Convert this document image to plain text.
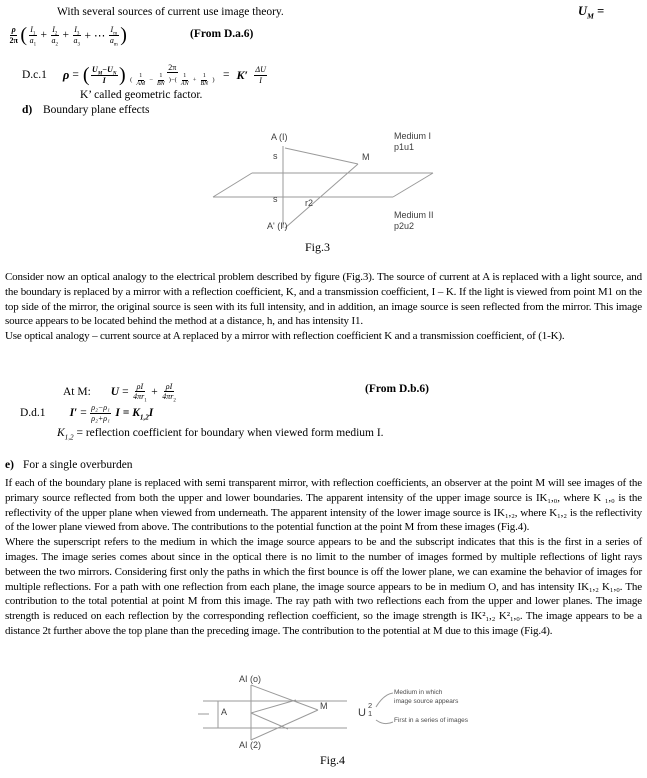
With several sources of current use image theory.	$U_M$ =
$\frac{\rho}{2\pi}$ ( $\frac{I_1}{a_1} + \frac{I_2}{a_2} + \frac{I_3}{a_3}$ + ⋯ $\frac{I_m}{a_m}$ )	(From D.a.6)
D.c.1 ρ = ( $\frac{U_M-U_N}{I}$ )	2π
( $\frac{1}{AM} - \frac{1}{BN}$ )−( $\frac{1}{AN} + \frac{1}{BN}$ ) = $K' \frac{\Delta U}{I}$
K’ called geometric factor.
d) Boundary plane effects
A (I)
s	M
s	r2
A' (I')
Medium I
p1u1
Medium II
p2u2
Fig.3

Consider now an optical analogy to the electrical problem described by figure (Fig.3). The source of current at A is replaced with a light source, and the boundary is replaced by a mirror with a reflection coefficient, K, and a transmission coefficient, I – K. If the light is viewed from point M1 on the top side of the mirror, the original source is seen with its full intensity, and in addition, an image source is seen reflected from the mirror. This image source appears to be located behind the method at a distance, h, and has intensity I1.

Use optical analogy – current source at A replaced by a mirror with reflection coefficient K and a transmission coefficient, of (1-K).

At M: $U = \frac{\rho I}{4\pi r_1} + \frac{\rho I}{4\pi r_2}$	(From D.b.6)
D.d.1 $I' = \frac{\text{ρ₂−ρ₁}}{\text{ρ₂+ρ₁}}$ $I = K_{1,2}I$
$K_{1,2}$ = reflection coefficient for boundary when viewed form medium I.
e) For a single overburden

If each of the boundary plane is replaced with semi transparent mirror, with reflection coefficients, an observer at the point M will see images of the primary source reflected from both the upper and lower boundaries. The apparent intensity of the upper image source is IK₁,₀, where K ₁,₀ is the reflectivity of the upper plane when viewed from underneath. The apparent intensity of the lower image source is IK₁,₂, where K₁,₂ is the reflectivity of the lower plane viewed from above. The contributions to the potential function at the point M from these images (Fig.4).

Where the superscript refers to the medium in which the image source appears to be and the subscript indicates that this is the first in a series of images. The image series comes about since in the optical there is no limit to the number of images formed by multiple reflections of light rays between the two mirrors. Considering first only the paths in which the first bounce is off the lower plane, we can examine the behavior of images for multiple reflections. For a path with one reflection from each plane, the image source appears to be in medium O, and has intensity IK₁,₂ K₁,₀. The contribution to the total potential at point M from this image. The ray path with two reflections each from the upper and lower planes. The image strength is reduced on each reflection by the corresponding reflection coefficient, so the image strength is IK²₁,₂ K²₁,₀. The image appears to be a distance 2t further above the top plane than the preceding image. The contribution to the potential at M due to this image (Fig.4).

AI (o)
AI (2)
A
M
U
2
1
Medium in which
image source appears
First in a series of images
Fig.4
